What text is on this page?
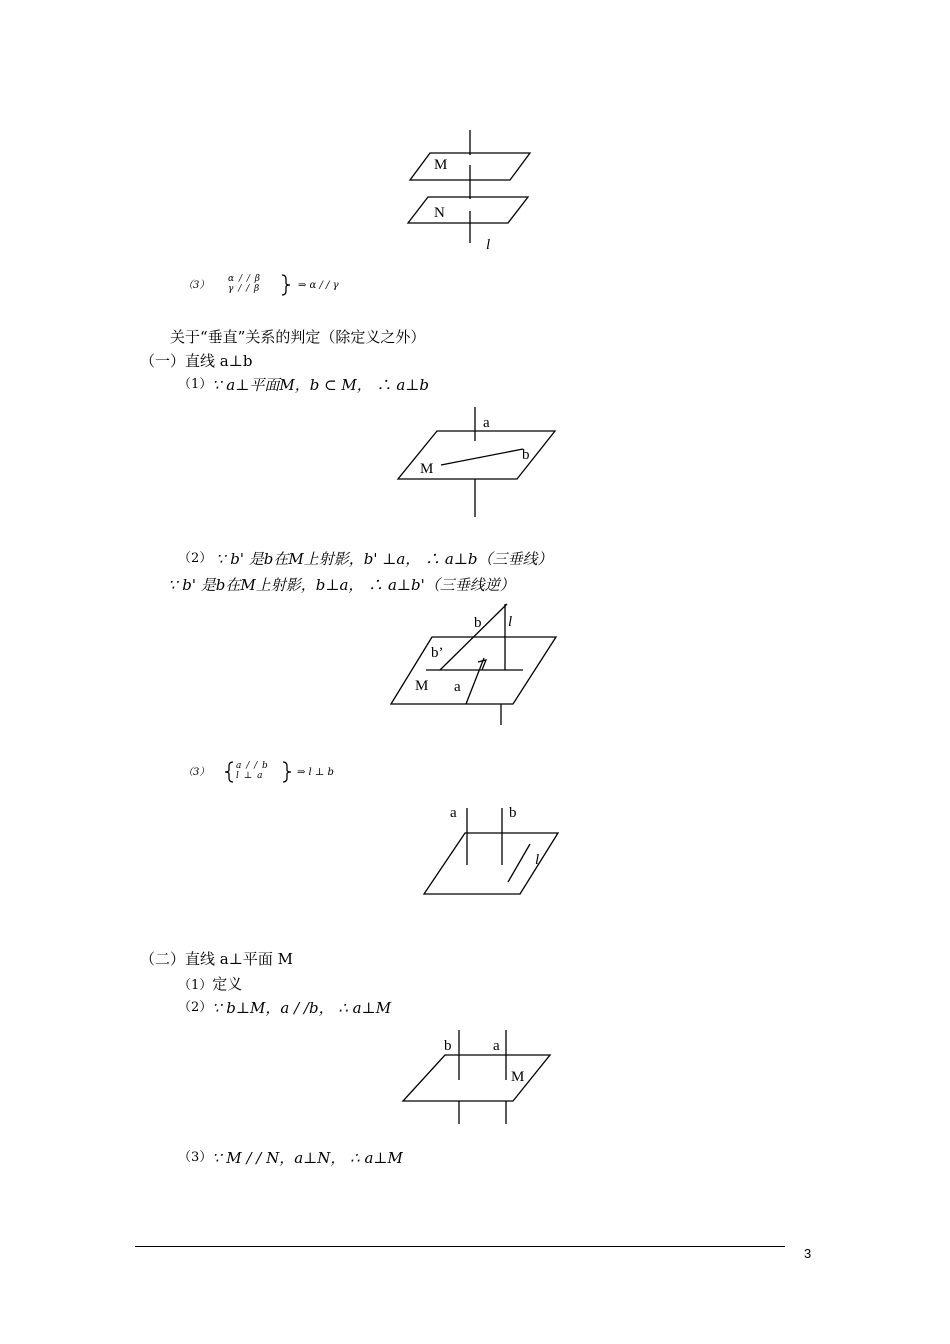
M
N
l
（3）
α / / β
γ / / β	⇒ α / / γ
关于“垂直”关系的判定（除定义之外）
（一）直线 a⊥b
（1） ∵ a⊥平面M，b ⊂ M， ∴ a⊥b
a
b
M
（2） ∵ b' 是b在M上射影，b' ⊥a， ∴ a⊥b（三垂线）
∵ b' 是b在M上射影，b⊥a， ∴ a⊥b'（三垂线逆）
b l
b’
M a
（3）
a / / b
l ⊥ a	⇒ l ⊥ b
a	b
l
（二）直线 a⊥平面 M
（1）定义
（2） ∵ b⊥M，a / /b， ∴ a⊥M
b	a
M
（3） ∵ M / / N，a⊥N， ∴ a⊥M
3
